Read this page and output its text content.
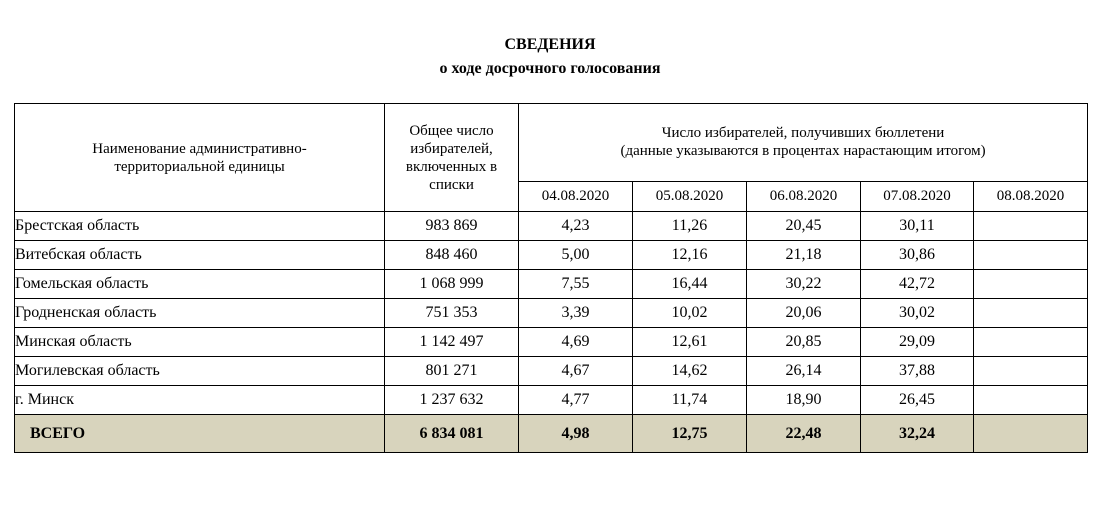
СВЕДЕНИЯ
о ходе досрочного голосования
Наименование административно-территориальной единицы	Общее число избирателей, включенных в списки	Число избирателей, получивших бюллетени
(данные указываются в процентах нарастающим итогом)				

		04.08.2020	05.08.2020	06.08.2020	07.08.2020	08.08.2020
Брестская область	983 869	4,23	11,26	20,45	30,11	
Витебская область	848 460	5,00	12,16	21,18	30,86	
Гомельская область	1 068 999	7,55	16,44	30,22	42,72	
Гродненская область	751 353	3,39	10,02	20,06	30,02	
Минская область	1 142 497	4,69	12,61	20,85	29,09	
Могилевская область	801 271	4,67	14,62	26,14	37,88	
г. Минск	1 237 632	4,77	11,74	18,90	26,45	
ВСЕГО	6 834 081	4,98	12,75	22,48	32,24	
